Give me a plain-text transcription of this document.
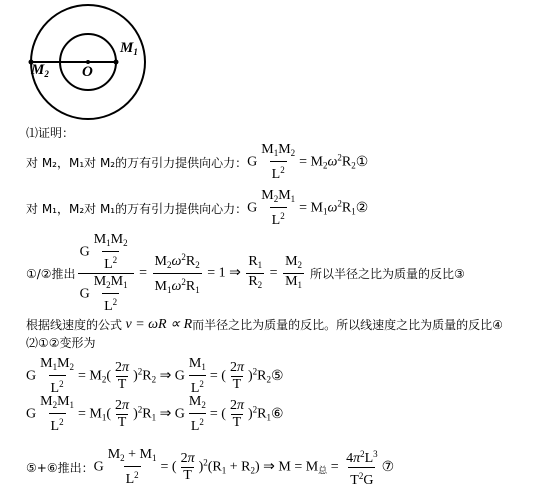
$M_1$
$M_2$ O
⑴证明：
对 M₂，M₁对 M₂的万有引力提供向心力： G $\frac{M_1M_2}{L^2} = M_2\omega^2R_2$ ①
对 M₁，M₂对 M₁的万有引力提供向心力： G $\frac{M_2M_1}{L^2} = M_1\omega^2R_1$ ②
①/②推出 $\frac{G \frac{M_1M_2}{L^2}}{G \frac{M_2M_1}{L^2}} = \frac{M_2\omega^2R_2}{M_1\omega^2R_1} = 1$ ⇒ $\frac{R_1}{R_2} = \frac{M_2}{M_1}$ 所以半径之比为质量的反比③
根据线速度的公式 v = ωR ∝ R 而半径之比为质量的反比。所以线速度之比为质量的反比④
⑵①②变形为
G $\frac{M_1M_2}{L^2} = M_2( \frac{2\pi}{T} )^2R_2$ ⇒ G $\frac{M_1}{L^2}$ = ( $\frac{2\pi}{T} )^2R_2$ ⑤
G $\frac{M_2M_1}{L^2} = M_1( \frac{2\pi}{T} )^2R_1$ ⇒ G $\frac{M_2}{L^2}$ = ( $\frac{2\pi}{T} )^2R_1$ ⑥
⑤+⑥推出： G $\frac{M_2 + M_1}{L^2}$ = ( $\frac{2\pi}{T} )^2(R_1 + R_2)$ ⇒ $M = M_总 = \frac{4\pi^2L^3}{T^2G}$ ⑦
